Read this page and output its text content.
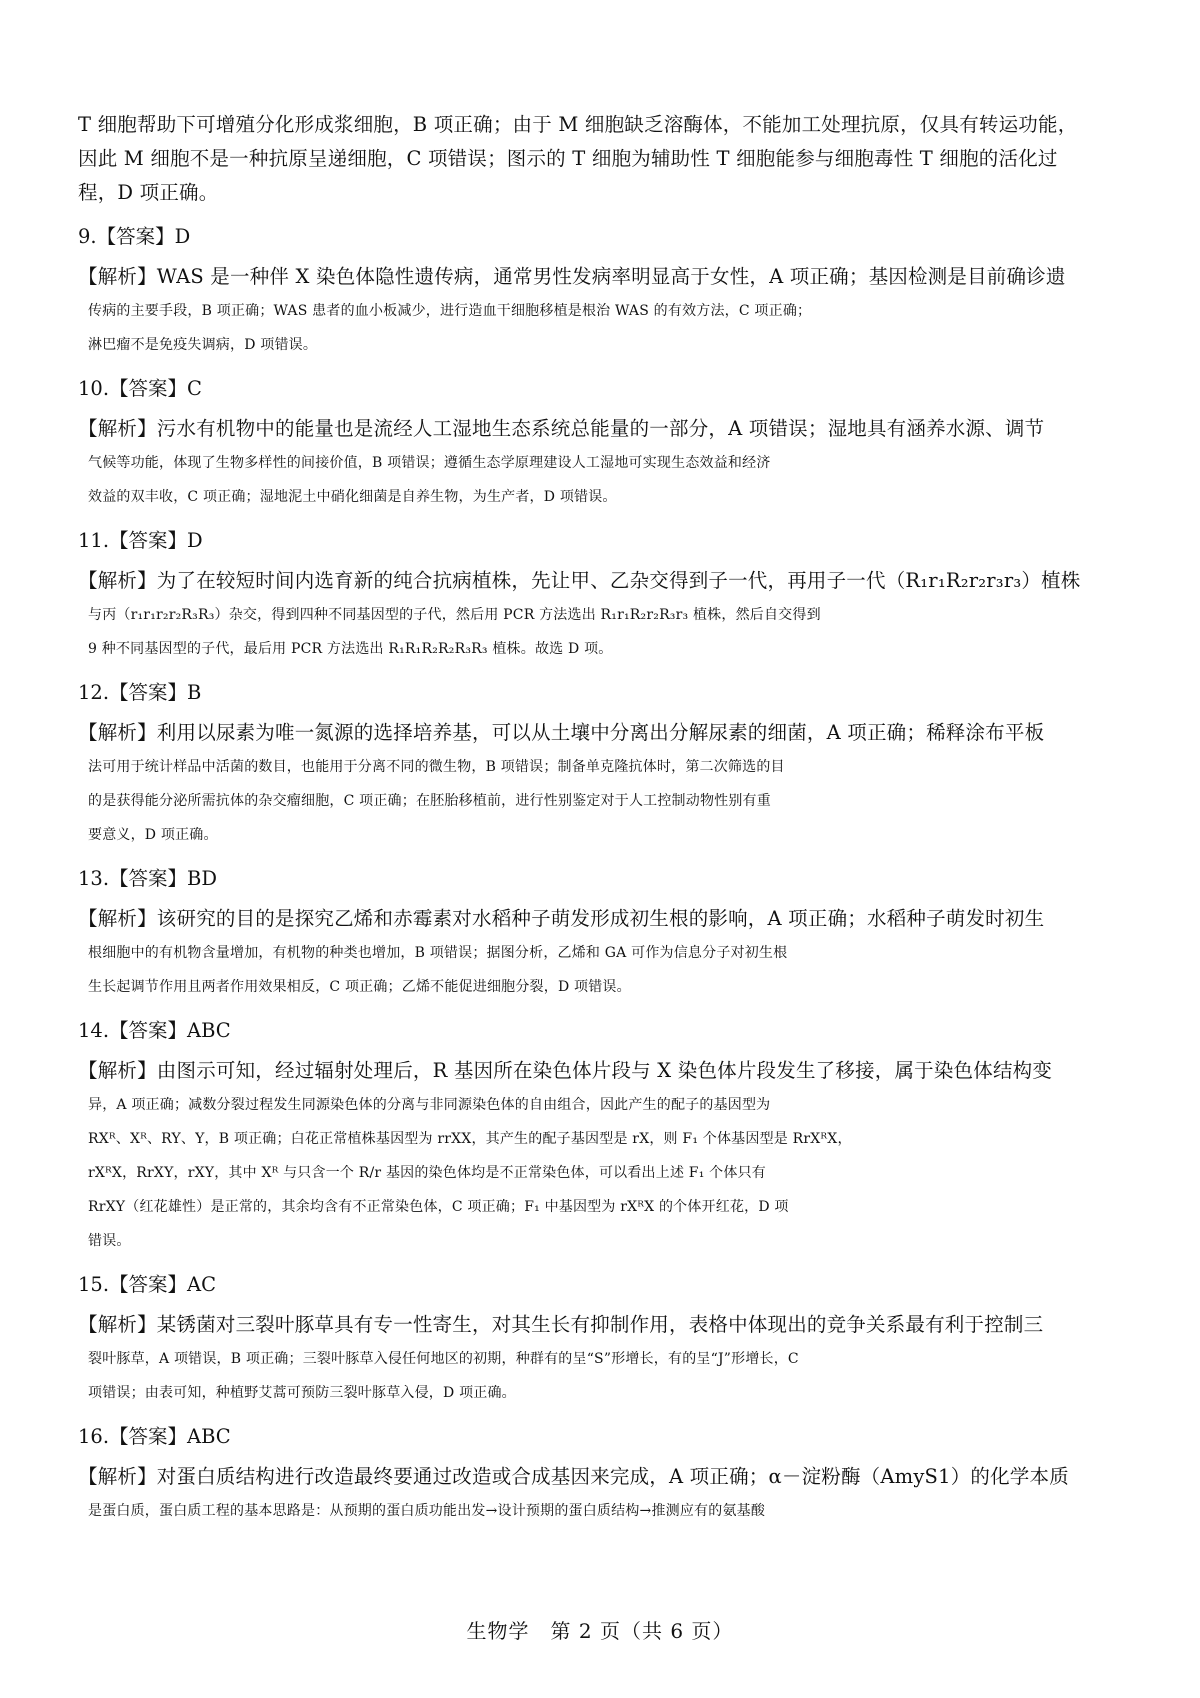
T 细胞帮助下可增殖分化形成浆细胞，B 项正确；由于 M 细胞缺乏溶酶体，不能加工处理抗原，仅具有转运功能，
因此 M 细胞不是一种抗原呈递细胞，C 项错误；图示的 T 细胞为辅助性 T 细胞能参与细胞毒性 T 细胞的活化过
程，D 项正确。
9.【答案】D
【解析】WAS 是一种伴 X 染色体隐性遗传病，通常男性发病率明显高于女性，A 项正确；基因检测是目前确诊遗
传病的主要手段，B 项正确；WAS 患者的血小板减少，进行造血干细胞移植是根治 WAS 的有效方法，C 项正确；
淋巴瘤不是免疫失调病，D 项错误。
10.【答案】C
【解析】污水有机物中的能量也是流经人工湿地生态系统总能量的一部分，A 项错误；湿地具有涵养水源、调节
气候等功能，体现了生物多样性的间接价值，B 项错误；遵循生态学原理建设人工湿地可实现生态效益和经济
效益的双丰收，C 项正确；湿地泥土中硝化细菌是自养生物，为生产者，D 项错误。
11.【答案】D
【解析】为了在较短时间内选育新的纯合抗病植株，先让甲、乙杂交得到子一代，再用子一代（R₁r₁R₂r₂r₃r₃）植株
与丙（r₁r₁r₂r₂R₃R₃）杂交，得到四种不同基因型的子代，然后用 PCR 方法选出 R₁r₁R₂r₂R₃r₃ 植株，然后自交得到
9 种不同基因型的子代，最后用 PCR 方法选出 R₁R₁R₂R₂R₃R₃ 植株。故选 D 项。
12.【答案】B
【解析】利用以尿素为唯一氮源的选择培养基，可以从土壤中分离出分解尿素的细菌，A 项正确；稀释涂布平板
法可用于统计样品中活菌的数目，也能用于分离不同的微生物，B 项错误；制备单克隆抗体时，第二次筛选的目
的是获得能分泌所需抗体的杂交瘤细胞，C 项正确；在胚胎移植前，进行性别鉴定对于人工控制动物性别有重
要意义，D 项正确。
13.【答案】BD
【解析】该研究的目的是探究乙烯和赤霉素对水稻种子萌发形成初生根的影响，A 项正确；水稻种子萌发时初生
根细胞中的有机物含量增加，有机物的种类也增加，B 项错误；据图分析，乙烯和 GA 可作为信息分子对初生根
生长起调节作用且两者作用效果相反，C 项正确；乙烯不能促进细胞分裂，D 项错误。
14.【答案】ABC
【解析】由图示可知，经过辐射处理后，R 基因所在染色体片段与 X 染色体片段发生了移接，属于染色体结构变
异，A 项正确；减数分裂过程发生同源染色体的分离与非同源染色体的自由组合，因此产生的配子的基因型为
RXᴿ、Xᴿ、RY、Y，B 项正确；白花正常植株基因型为 rrXX，其产生的配子基因型是 rX，则 F₁ 个体基因型是 RrXᴿX，
rXᴿX，RrXY，rXY，其中 Xᴿ 与只含一个 R/r 基因的染色体均是不正常染色体，可以看出上述 F₁ 个体只有
RrXY（红花雄性）是正常的，其余均含有不正常染色体，C 项正确；F₁ 中基因型为 rXᴿX 的个体开红花，D 项
错误。
15.【答案】AC
【解析】某锈菌对三裂叶豚草具有专一性寄生，对其生长有抑制作用，表格中体现出的竞争关系最有利于控制三
裂叶豚草，A 项错误，B 项正确；三裂叶豚草入侵任何地区的初期，种群有的呈“S”形增长，有的呈“J”形增长，C
项错误；由表可知，种植野艾蒿可预防三裂叶豚草入侵，D 项正确。
16.【答案】ABC
【解析】对蛋白质结构进行改造最终要通过改造或合成基因来完成，A 项正确；α－淀粉酶（AmyS1）的化学本质
是蛋白质，蛋白质工程的基本思路是：从预期的蛋白质功能出发→设计预期的蛋白质结构→推测应有的氨基酸
生物学　第 2 页（共 6 页）
